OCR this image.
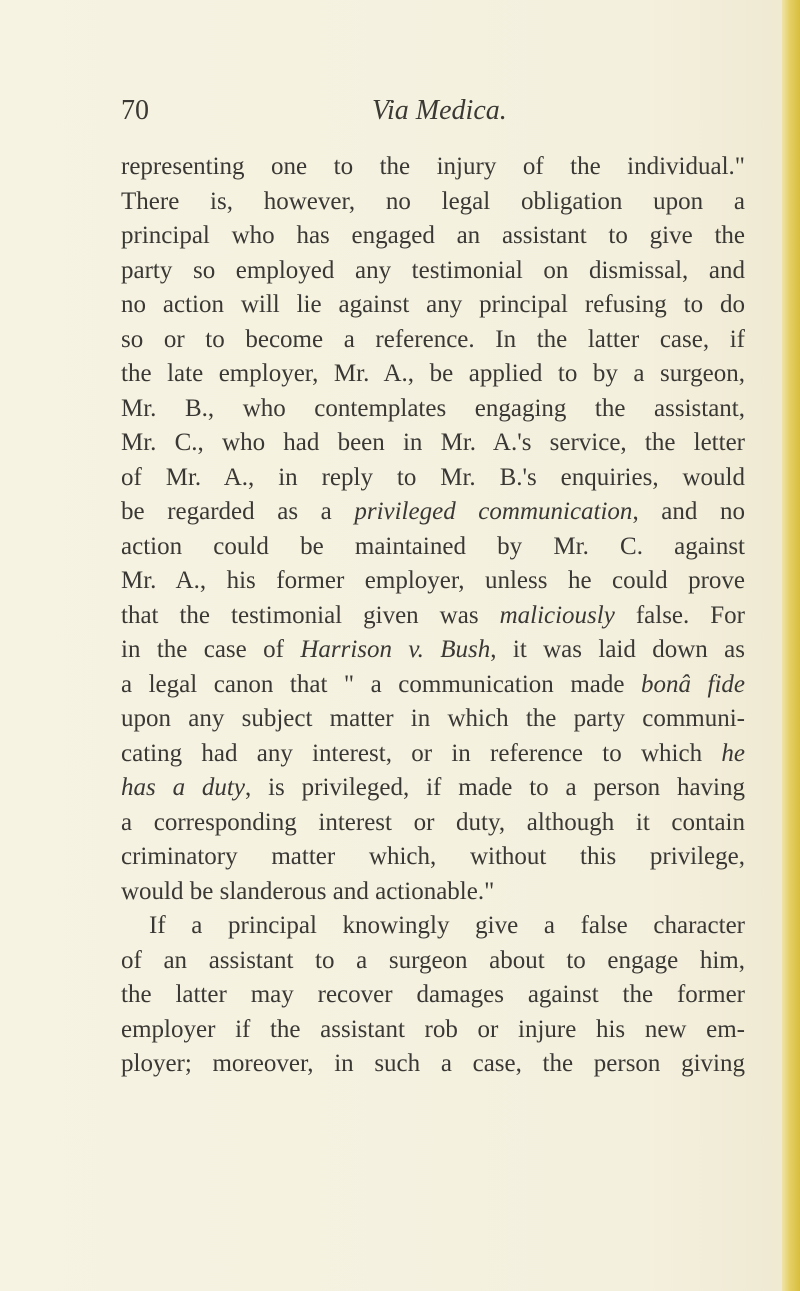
70	Via Medica.
representing one to the injury of the individual."
There is, however, no legal obligation upon a
principal who has engaged an assistant to give the
party so employed any testimonial on dismissal, and
no action will lie against any principal refusing to do
so or to become a reference. In the latter case, if
the late employer, Mr. A., be applied to by a surgeon,
Mr. B., who contemplates engaging the assistant,
Mr. C., who had been in Mr. A.'s service, the letter
of Mr. A., in reply to Mr. B.'s enquiries, would
be regarded as a privileged communication, and no
action could be maintained by Mr. C. against
Mr. A., his former employer, unless he could prove
that the testimonial given was maliciously false. For
in the case of Harrison v. Bush, it was laid down as
a legal canon that " a communication made bonâ fide
upon any subject matter in which the party communi-
cating had any interest, or in reference to which he
has a duty, is privileged, if made to a person having
a corresponding interest or duty, although it contain
criminatory matter which, without this privilege,
would be slanderous and actionable."
If a principal knowingly give a false character
of an assistant to a surgeon about to engage him,
the latter may recover damages against the former
employer if the assistant rob or injure his new em-
ployer; moreover, in such a case, the person giving
